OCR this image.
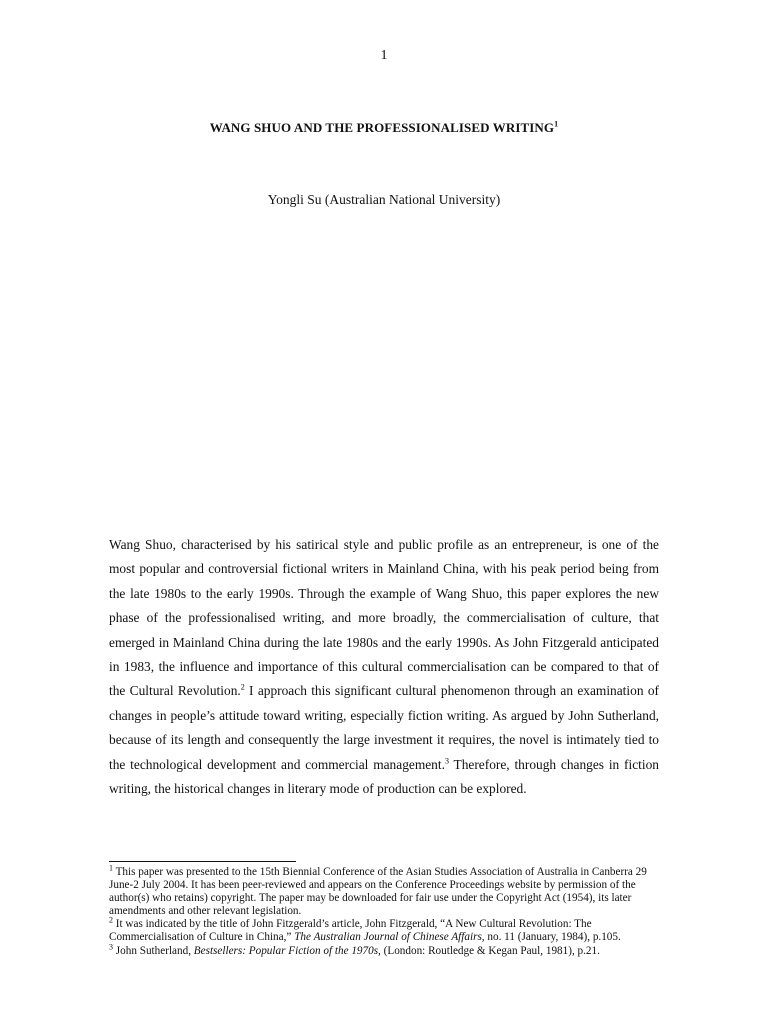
1
WANG SHUO AND THE PROFESSIONALISED WRITING$^1$
Yongli Su (Australian National University)

Wang Shuo, characterised by his satirical style and public profile as an entrepreneur, is one of the most popular and controversial fictional writers in Mainland China, with his peak period being from the late 1980s to the early 1990s. Through the example of Wang Shuo, this paper explores the new phase of the professionalised writing, and more broadly, the commercialisation of culture, that emerged in Mainland China during the late 1980s and the early 1990s. As John Fitzgerald anticipated in 1983, the influence and importance of this cultural commercialisation can be compared to that of the Cultural Revolution.$^2$ I approach this significant cultural phenomenon through an examination of changes in people’s attitude toward writing, especially fiction writing. As argued by John Sutherland, because of its length and consequently the large investment it requires, the novel is intimately tied to the technological development and commercial management.$^3$ Therefore, through changes in fiction writing, the historical changes in literary mode of production can be explored.

$^1$ This paper was presented to the 15th Biennial Conference of the Asian Studies Association of Australia in Canberra 29 June-2 July 2004. It has been peer-reviewed and appears on the Conference Proceedings website by permission of the author(s) who retains) copyright. The paper may be downloaded for fair use under the Copyright Act (1954), its later amendments and other relevant legislation.

$^2$ It was indicated by the title of John Fitzgerald’s article, John Fitzgerald, “A New Cultural Revolution: The Commercialisation of Culture in China,” The Australian Journal of Chinese Affairs, no. 11 (January, 1984), p.105.

$^3$ John Sutherland, Bestsellers: Popular Fiction of the 1970s, (London: Routledge & Kegan Paul, 1981), p.21.
